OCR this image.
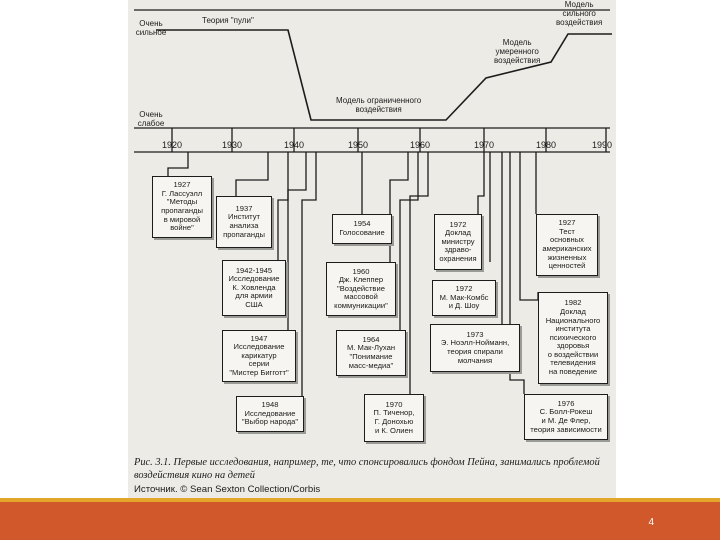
Очень
сильное
Очень
слабое
Теория "пули"
Модель ограниченного
воздействия
Модель
умеренного
воздействия
Модель
сильного
воздействия
1920	1930	1940	1950	1960	1970	1980	1990
1927
Г. Лассуэлл
"Методы
пропаганды
в мировой
войне"
1937
Институт
анализа
пропаганды
1942-1945
Исследование
К. Ховленда
для армии
США
1947
Исследование
карикатур
серии
"Мистер Бигготт"
1948
Исследование
"Выбор народа"
1954
Голосование
1960
Дж. Клеппер
"Воздействие
массовой
коммуникации"
1964
М. Мак-Лухан
"Понимание
масс-медиа"
1970
П. Тиченор,
Г. Донохью
и К. Олиен
1972
Доклад
министру
здраво-
охранения
1972
М. Мак-Комбс
и Д. Шоу
1973
Э. Ноэлл-Нойманн,
теория спирали
молчания
1927
Тест
основных
американских
жизненных
ценностей
1982
Доклад
Национального
института
психического
здоровья
о воздействии
телевидения
на поведение
1976
С. Болл-Рокеш
и М. Де Флер,
теория зависимости
Рис. 3.1. Первые исследования, например, те, что спонсировались фондом Пейна, занимались проблемой воздействия кино на детей
Источник. © Sean Sexton Collection/Corbis
4
